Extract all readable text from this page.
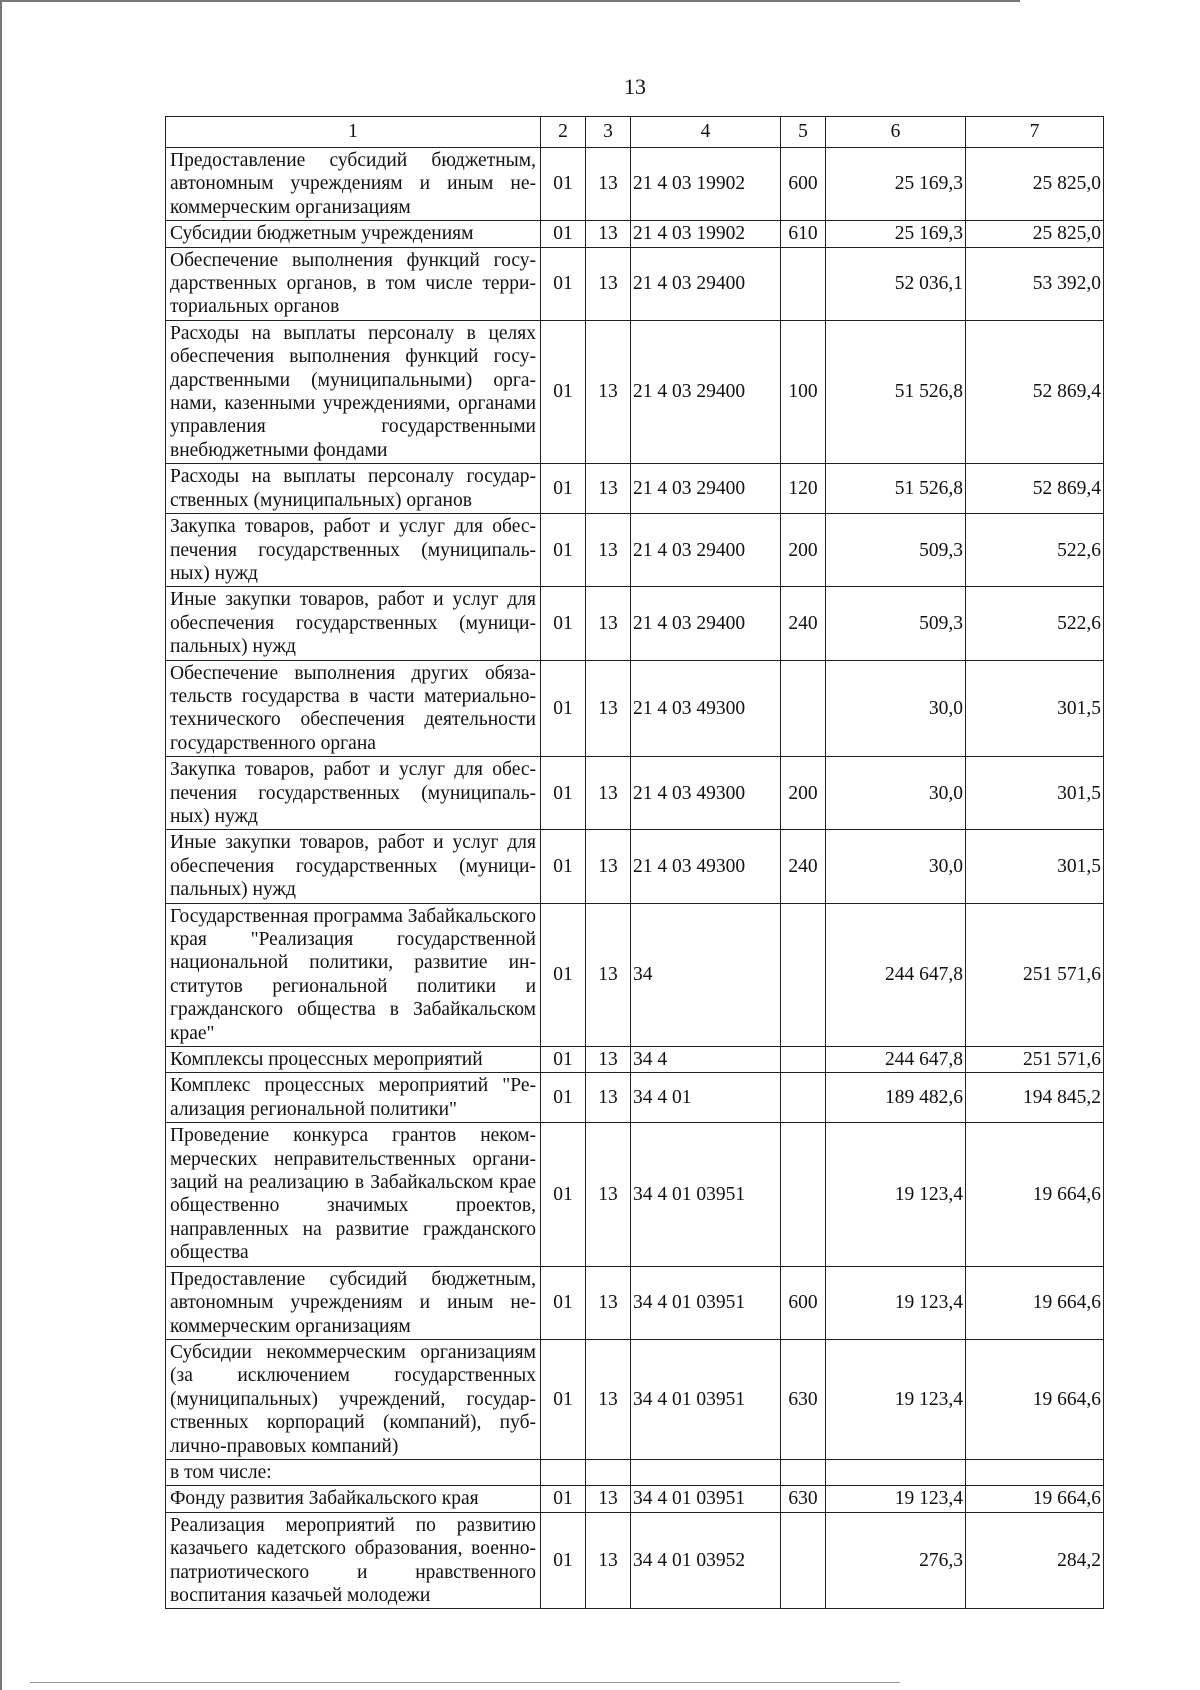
13
1	2	3	4	5	6	7
Предоставление субсидий бюджетным, автономным учреждениям и иным некоммерческим организациям	01	13	21 4 03 19902	600	25 169,3	25 825,0
Субсидии бюджетным учреждениям	01	13	21 4 03 19902	610	25 169,3	25 825,0
Обеспечение выполнения функций государственных органов, в том числе территориальных органов	01	13	21 4 03 29400		52 036,1	53 392,0
Расходы на выплаты персоналу в целях обеспечения выполнения функций государственными (муниципальными) органами, казенными учреждениями, органами управления государственными внебюджетными фондами	01	13	21 4 03 29400	100	51 526,8	52 869,4
Расходы на выплаты персоналу государственных (муниципальных) органов	01	13	21 4 03 29400	120	51 526,8	52 869,4
Закупка товаров, работ и услуг для обеспечения государственных (муниципальных) нужд	01	13	21 4 03 29400	200	509,3	522,6
Иные закупки товаров, работ и услуг для обеспечения государственных (муниципальных) нужд	01	13	21 4 03 29400	240	509,3	522,6
Обеспечение выполнения других обязательств государства в части материально-технического обеспечения деятельности государственного органа	01	13	21 4 03 49300		30,0	301,5
Закупка товаров, работ и услуг для обеспечения государственных (муниципальных) нужд	01	13	21 4 03 49300	200	30,0	301,5
Иные закупки товаров, работ и услуг для обеспечения государственных (муниципальных) нужд	01	13	21 4 03 49300	240	30,0	301,5
Государственная программа Забайкальского края "Реализация государственной национальной политики, развитие институтов региональной политики и гражданского общества в Забайкальском крае"	01	13	34		244 647,8	251 571,6
Комплексы процессных мероприятий	01	13	34 4		244 647,8	251 571,6
Комплекс процессных мероприятий "Реализация региональной политики"	01	13	34 4 01		189 482,6	194 845,2
Проведение конкурса грантов некоммерческих неправительственных организаций на реализацию в Забайкальском крае общественно значимых проектов, направленных на развитие гражданского общества	01	13	34 4 01 03951		19 123,4	19 664,6
Предоставление субсидий бюджетным, автономным учреждениям и иным некоммерческим организациям	01	13	34 4 01 03951	600	19 123,4	19 664,6
Субсидии некоммерческим организациям (за исключением государственных (муниципальных) учреждений, государственных корпораций (компаний), публично-правовых компаний)	01	13	34 4 01 03951	630	19 123,4	19 664,6
в том числе:						
Фонду развития Забайкальского края	01	13	34 4 01 03951	630	19 123,4	19 664,6
Реализация мероприятий по развитию казачьего кадетского образования, военно-патриотического и нравственного воспитания казачьей молодежи	01	13	34 4 01 03952		276,3	284,2
